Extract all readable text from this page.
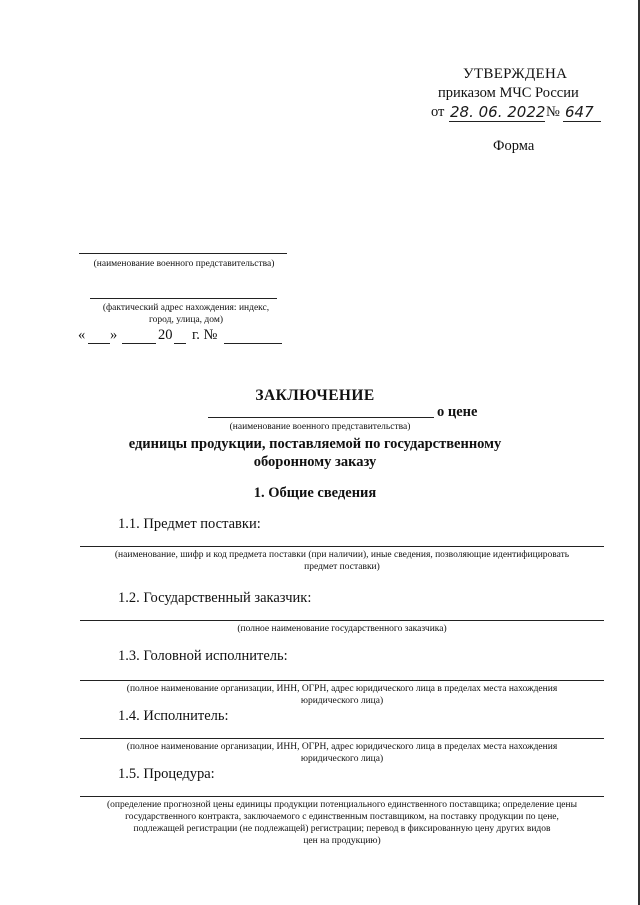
УТВЕРЖДЕНА
приказом МЧС России
от 28. 06. 2022 № 647
Форма
(наименование военного представительства)
(фактический адрес нахождения: индекс,
город, улица, дом)
« »	20 г. №
ЗАКЛЮЧЕНИЕ
о цене
(наименование военного представительства)
единицы продукции, поставляемой по государственному
оборонному заказу
1. Общие сведения
1.1. Предмет поставки:
(наименование, шифр и код предмета поставки (при наличии), иные сведения, позволяющие идентифицировать
предмет поставки)
1.2. Государственный заказчик:
(полное наименование государственного заказчика)
1.3. Головной исполнитель:
(полное наименование организации, ИНН, ОГРН, адрес юридического лица в пределах места нахождения
юридического лица)
1.4. Исполнитель:
(полное наименование организации, ИНН, ОГРН, адрес юридического лица в пределах места нахождения
юридического лица)
1.5. Процедура:
(определение прогнозной цены единицы продукции потенциального единственного поставщика; определение цены
государственного контракта, заключаемого с единственным поставщиком, на поставку продукции по цене,
подлежащей регистрации (не подлежащей) регистрации; перевод в фиксированную цену других видов
цен на продукцию)
